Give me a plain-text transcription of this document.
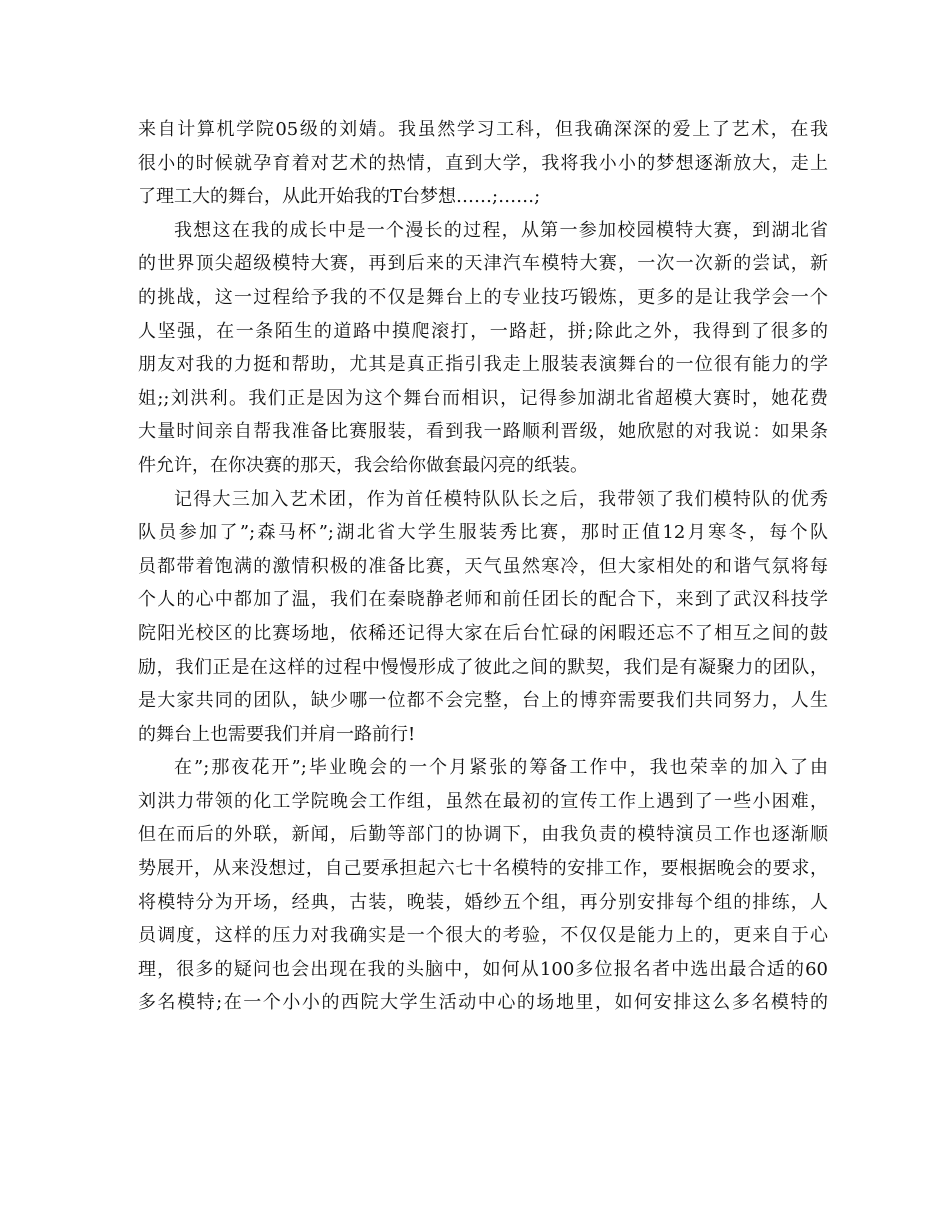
来自计算机学院05级的刘婧。我虽然学习工科，但我确深深的爱上了艺术，在我
很小的时候就孕育着对艺术的热情，直到大学，我将我小小的梦想逐渐放大，走上
了理工大的舞台，从此开始我的T台梦想……;……;
我想这在我的成长中是一个漫长的过程，从第一参加校园模特大赛，到湖北省
的世界顶尖超级模特大赛，再到后来的天津汽车模特大赛，一次一次新的尝试，新
的挑战，这一过程给予我的不仅是舞台上的专业技巧锻炼，更多的是让我学会一个
人坚强，在一条陌生的道路中摸爬滚打，一路赶，拼;除此之外，我得到了很多的
朋友对我的力挺和帮助，尤其是真正指引我走上服装表演舞台的一位很有能力的学
姐;;刘洪利。我们正是因为这个舞台而相识，记得参加湖北省超模大赛时，她花费
大量时间亲自帮我准备比赛服装，看到我一路顺利晋级，她欣慰的对我说：如果条
件允许，在你决赛的那天，我会给你做套最闪亮的纸装。
记得大三加入艺术团，作为首任模特队队长之后，我带领了我们模特队的优秀
队员参加了”;森马杯”;湖北省大学生服装秀比赛，那时正值12月寒冬，每个队
员都带着饱满的激情积极的准备比赛，天气虽然寒冷，但大家相处的和谐气氛将每
个人的心中都加了温，我们在秦晓静老师和前任团长的配合下，来到了武汉科技学
院阳光校区的比赛场地，依稀还记得大家在后台忙碌的闲暇还忘不了相互之间的鼓
励，我们正是在这样的过程中慢慢形成了彼此之间的默契，我们是有凝聚力的团队，
是大家共同的团队，缺少哪一位都不会完整，台上的博弈需要我们共同努力，人生
的舞台上也需要我们并肩一路前行!
在”;那夜花开”;毕业晚会的一个月紧张的筹备工作中，我也荣幸的加入了由
刘洪力带领的化工学院晚会工作组，虽然在最初的宣传工作上遇到了一些小困难，
但在而后的外联，新闻，后勤等部门的协调下，由我负责的模特演员工作也逐渐顺
势展开，从来没想过，自己要承担起六七十名模特的安排工作，要根据晚会的要求，
将模特分为开场，经典，古装，晚装，婚纱五个组，再分别安排每个组的排练，人
员调度，这样的压力对我确实是一个很大的考验，不仅仅是能力上的，更来自于心
理，很多的疑问也会出现在我的头脑中，如何从100多位报名者中选出最合适的60
多名模特;在一个小小的西院大学生活动中心的场地里，如何安排这么多名模特的
